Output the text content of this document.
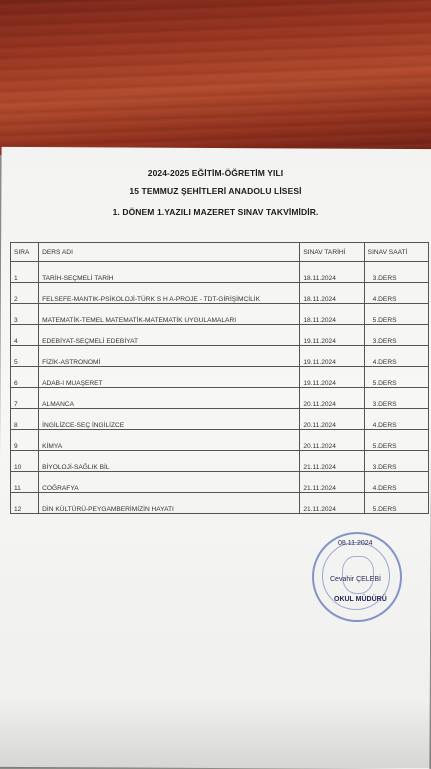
2024-2025 EĞİTİM-ÖĞRETİM YILI
15 TEMMUZ ŞEHİTLERİ ANADOLU LİSESİ
1. DÖNEM 1.YAZILI MAZERET SINAV TAKVİMİDİR.
SIRA	DERS ADI	SINAV TARİHİ	SINAV SAATİ
1	TARİH-SEÇMELİ TARİH	18.11.2024	3.DERS
2	FELSEFE-MANTIK-PSİKOLOJİ-TÜRK S H A-PROJE - TDT-GİRİŞİMCİLİK	18.11.2024	4.DERS
3	MATEMATİK-TEMEL MATEMATİK-MATEMATİK UYGULAMALARI	18.11.2024	5.DERS
4	EDEBİYAT-SEÇMELİ EDEBİYAT	19.11.2024	3.DERS
5	FİZİK-ASTRONOMİ	19.11.2024	4.DERS
6	ADAB-I MUAŞERET	19.11.2024	5.DERS
7	ALMANCA	20.11.2024	3.DERS
8	İNGİLİZCE-SEÇ İNGİLİZCE	20.11.2024	4.DERS
9	KİMYA	20.11.2024	5.DERS
10	BİYOLOJİ-SAĞLIK BİL	21.11.2024	3.DERS
11	COĞRAFYA	21.11.2024	4.DERS
12	DİN KÜLTÜRÜ-PEYGAMBERİMİZİN HAYATI	21.11.2024	5.DERS
08.11.2024
Cevahir ÇELEBİ
OKUL MÜDÜRÜ
